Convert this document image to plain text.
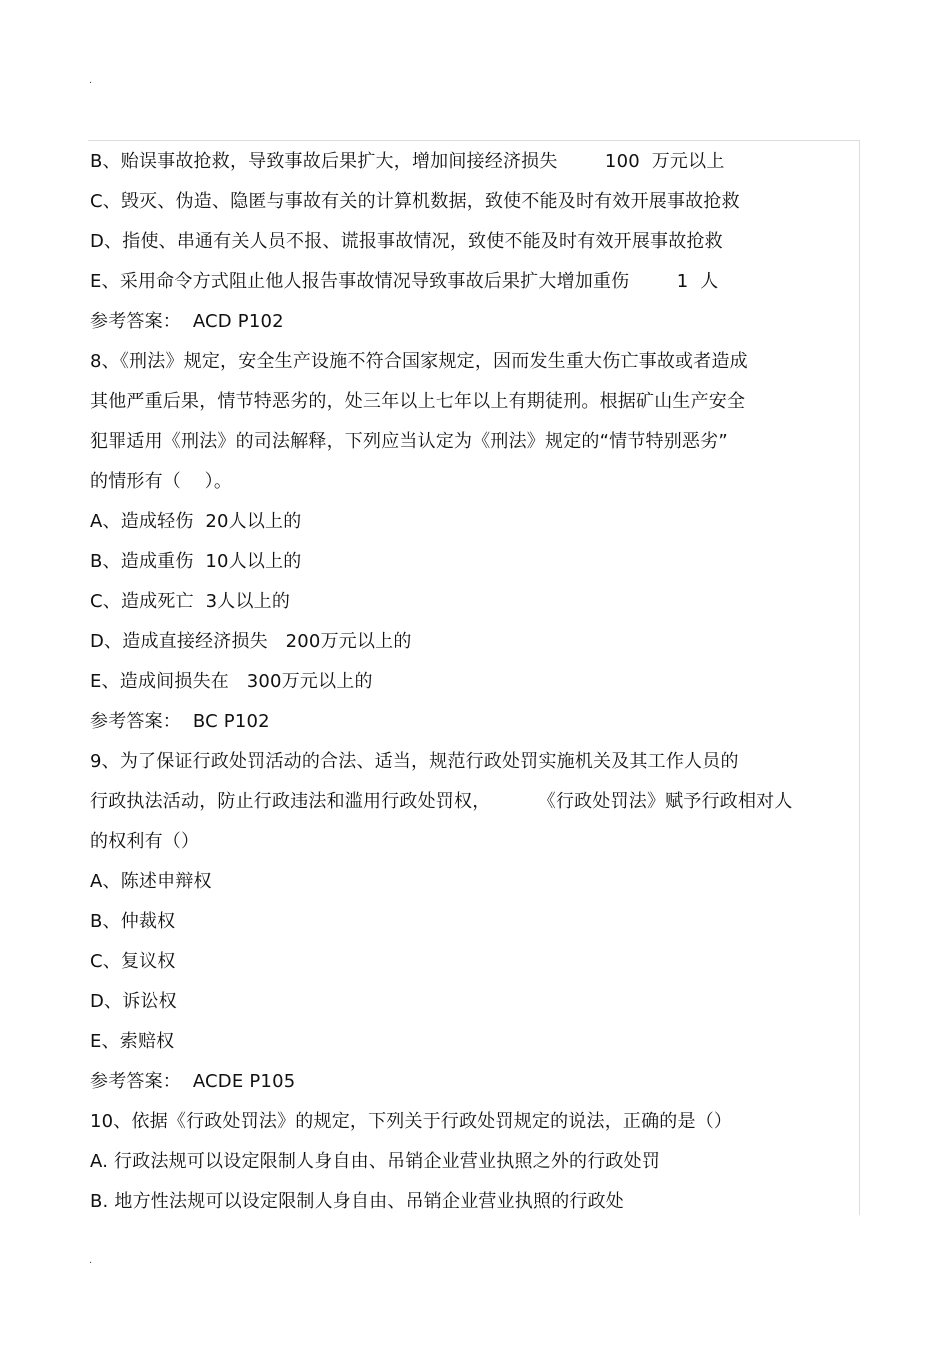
.
B、贻误事故抢救，导致事故后果扩大，增加间接经济损失        100  万元以上
C、毁灭、伪造、隐匿与事故有关的计算机数据，致使不能及时有效开展事故抢救
D、指使、串通有关人员不报、谎报事故情况，致使不能及时有效开展事故抢救
E、采用命令方式阻止他人报告事故情况导致事故后果扩大增加重伤        1  人
参考答案：  ACD P102
8、《刑法》规定，安全生产设施不符合国家规定，因而发生重大伤亡事故或者造成
其他严重后果，情节特恶劣的，处三年以上七年以上有期徒刑。根据矿山生产安全
犯罪适用《刑法》的司法解释，下列应当认定为《刑法》规定的“情节特别恶劣”
的情形有（    ）。
A、造成轻伤  20人以上的
B、造成重伤  10人以上的
C、造成死亡  3人以上的
D、造成直接经济损失   200万元以上的
E、造成间损失在   300万元以上的
参考答案：  BC P102
9、为了保证行政处罚活动的合法、适当，规范行政处罚实施机关及其工作人员的
行政执法活动，防止行政违法和滥用行政处罚权，        《行政处罚法》赋予行政相对人
的权利有（）
A、陈述申辩权
B、仲裁权
C、复议权
D、诉讼权
E、索赔权
参考答案：  ACDE P105
10、依据《行政处罚法》的规定，下列关于行政处罚规定的说法，正确的是（）
A. 行政法规可以设定限制人身自由、吊销企业营业执照之外的行政处罚
B. 地方性法规可以设定限制人身自由、吊销企业营业执照的行政处
.
